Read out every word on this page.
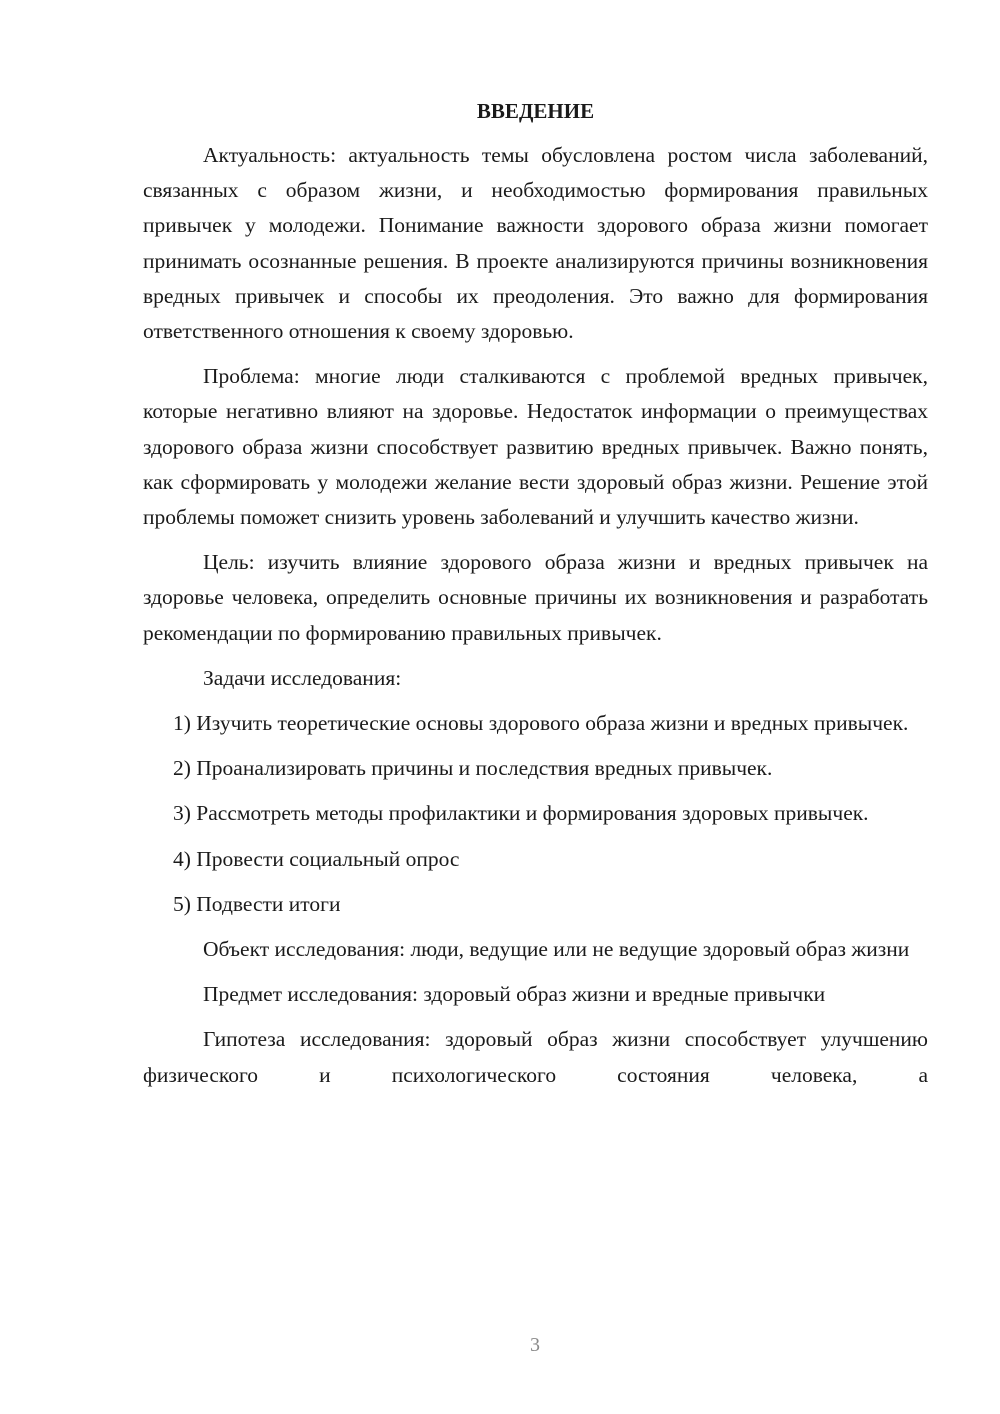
ВВЕДЕНИЕ

Актуальность: актуальность темы обусловлена ростом числа заболеваний, связанных с образом жизни, и необходимостью формирования правильных привычек у молодежи. Понимание важности здорового образа жизни помогает принимать осознанные решения. В проекте анализируются причины возникновения вредных привычек и способы их преодоления. Это важно для формирования ответственного отношения к своему здоровью.

Проблема: многие люди сталкиваются с проблемой вредных привычек, которые негативно влияют на здоровье. Недостаток информации о преимуществах здорового образа жизни способствует развитию вредных привычек. Важно понять, как сформировать у молодежи желание вести здоровый образ жизни. Решение этой проблемы поможет снизить уровень заболеваний и улучшить качество жизни.

Цель: изучить влияние здорового образа жизни и вредных привычек на здоровье человека, определить основные причины их возникновения и разработать рекомендации по формированию правильных привычек.

Задачи исследования:

1) Изучить теоретические основы здорового образа жизни и вредных привычек.

2) Проанализировать причины и последствия вредных привычек.

3) Рассмотреть методы профилактики и формирования здоровых привычек.

4) Провести социальный опрос

5) Подвести итоги

Объект исследования: люди, ведущие или не ведущие здоровый образ жизни

Предмет исследования: здоровый образ жизни и вредные привычки

Гипотеза исследования: здоровый образ жизни способствует улучшению физического и психологического состояния человека, а

3
